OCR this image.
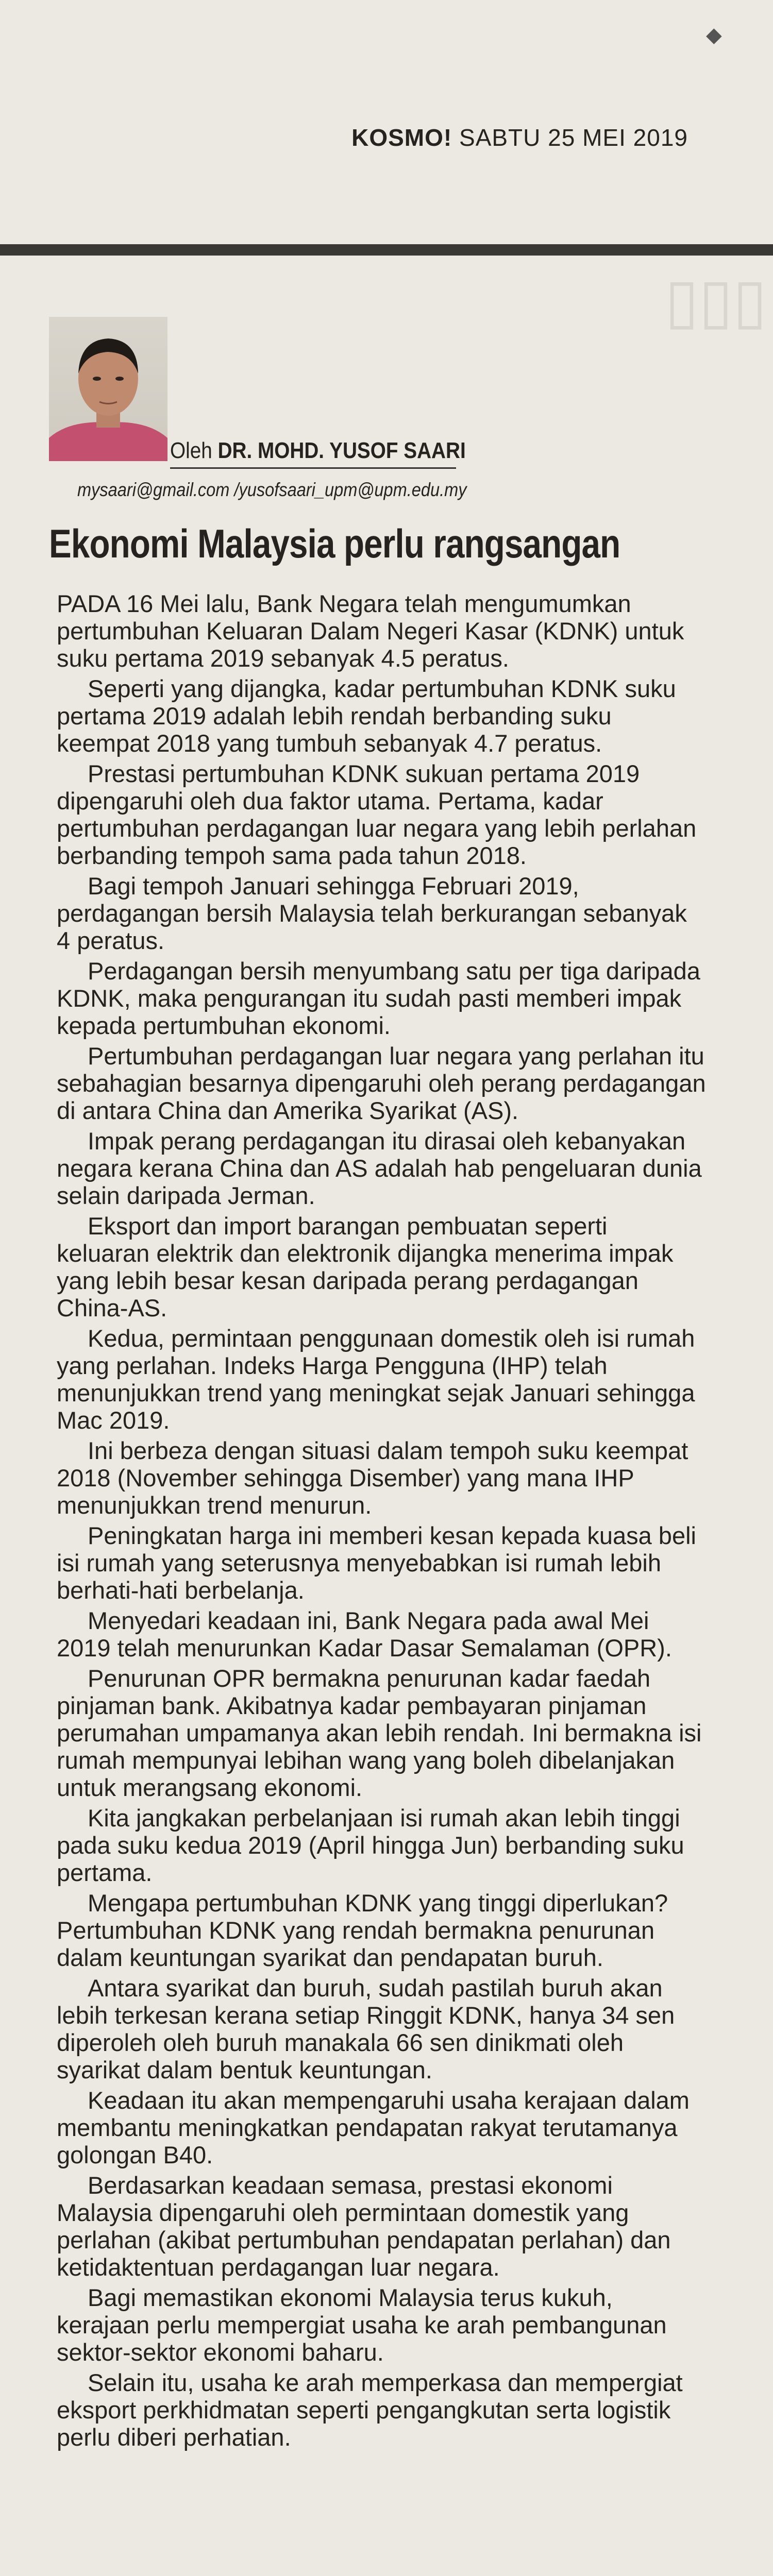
◆
KOSMO! SABTU 25 MEI 2019
▯▯▯
Oleh DR. MOHD. YUSOF SAARI
mysaari@gmail.com /yusofsaari_upm@upm.edu.my
Ekonomi Malaysia perlu rangsangan

PADA 16 Mei lalu, Bank Negara telah mengumumkan pertumbuhan Keluaran Dalam Negeri Kasar (KDNK) untuk suku pertama 2019 sebanyak 4.5 peratus.

Seperti yang dijangka, kadar pertumbuhan KDNK suku pertama 2019 adalah lebih rendah berbanding suku keempat 2018 yang tumbuh sebanyak 4.7 peratus.

Prestasi pertumbuhan KDNK sukuan pertama 2019 dipengaruhi oleh dua faktor utama. Pertama, kadar pertumbuhan perdagangan luar negara yang lebih perlahan berbanding tempoh sama pada tahun 2018.

Bagi tempoh Januari sehingga Februari 2019, perdagangan bersih Malaysia telah berkurangan sebanyak 4 peratus.

Perdagangan bersih menyumbang satu per tiga daripada KDNK, maka pengurangan itu sudah pasti memberi impak kepada pertumbuhan ekonomi.

Pertumbuhan perdagangan luar negara yang perlahan itu sebahagian besarnya dipengaruhi oleh perang perdagangan di antara China dan Amerika Syarikat (AS).

Impak perang perdagangan itu dirasai oleh kebanyakan negara kerana China dan AS adalah hab pengeluaran dunia selain daripada Jerman.

Eksport dan import barangan pembuatan seperti keluaran elektrik dan elektronik dijangka menerima impak yang lebih besar kesan daripada perang perdagangan China-AS.

Kedua, permintaan penggunaan domestik oleh isi rumah yang perlahan. Indeks Harga Pengguna (IHP) telah menunjukkan trend yang meningkat sejak Januari sehingga Mac 2019.

Ini berbeza dengan situasi dalam tempoh suku keempat 2018 (November sehingga Disember) yang mana IHP menunjukkan trend menurun.

Peningkatan harga ini memberi kesan kepada kuasa beli isi rumah yang seterusnya menyebabkan isi rumah lebih berhati-hati berbelanja.

Menyedari keadaan ini, Bank Negara pada awal Mei 2019 telah menurunkan Kadar Dasar Semalaman (OPR).

Penurunan OPR bermakna penurunan kadar faedah pinjaman bank. Akibatnya kadar pembayaran pinjaman perumahan umpamanya akan lebih rendah. Ini bermakna isi rumah mempunyai lebihan wang yang boleh dibelanjakan untuk merangsang ekonomi.

Kita jangkakan perbelanjaan isi rumah akan lebih tinggi pada suku kedua 2019 (April hingga Jun) berbanding suku pertama.

Mengapa pertumbuhan KDNK yang tinggi diperlukan? Pertumbuhan KDNK yang rendah bermakna penurunan dalam keuntungan syarikat dan pendapatan buruh.

Antara syarikat dan buruh, sudah pastilah buruh akan lebih terkesan kerana setiap Ringgit KDNK, hanya 34 sen diperoleh oleh buruh manakala 66 sen dinikmati oleh syarikat dalam bentuk keuntungan.

Keadaan itu akan mempengaruhi usaha kerajaan dalam membantu meningkatkan pendapatan rakyat terutamanya golongan B40.

Berdasarkan keadaan semasa, prestasi ekonomi Malaysia dipengaruhi oleh permintaan domestik yang perlahan (akibat pertumbuhan pendapatan perlahan) dan ketidaktentuan perdagangan luar negara.

Bagi memastikan ekonomi Malaysia terus kukuh, kerajaan perlu mempergiat usaha ke arah pembangunan sektor-sektor ekonomi baharu.

Selain itu, usaha ke arah memperkasa dan mempergiat eksport perkhidmatan seperti pengangkutan serta logistik perlu diberi perhatian.
